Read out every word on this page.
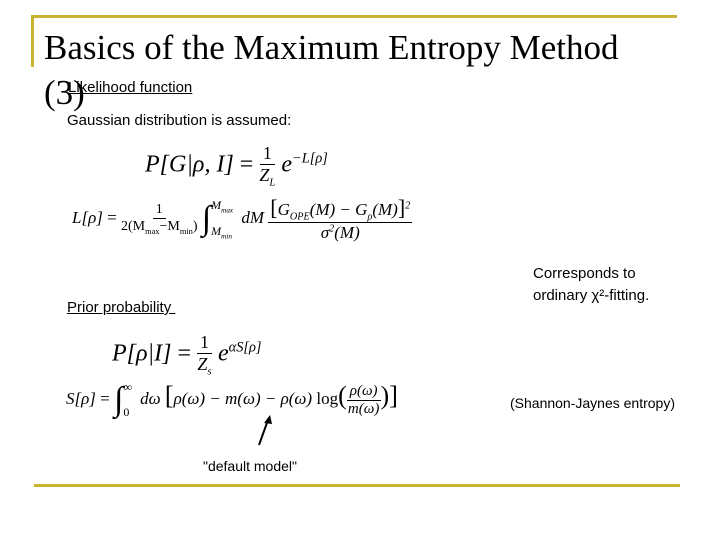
Basics of the Maximum Entropy Method
(3)
Likelihood function
Gaussian distribution is assumed:
P[G|ρ, $I] = \frac{1}{Z_L} e^{-L[\rho]}$
$L[\rho] = \frac{1}{2(M_{max}-M_{min})}$ ∫ $M_{max}$
$M_{min}$
dM $\frac{[G_{OPE}(M) - G_\rho(M)]^2}{\sigma^2(M)}$
Corresponds to
ordinary χ²-fitting.
Prior probability
$P[\rho|I] = \frac{1}{Z_s} e^{\alpha S[\rho]}$
S[ρ] = ∫ ∞
0
dω [ρ(ω) − m(ω) − ρ(ω) $\log( \frac{\rho(\omega)}{m(\omega)}$ )]	(Shannon-Jaynes entropy)
"default model"
